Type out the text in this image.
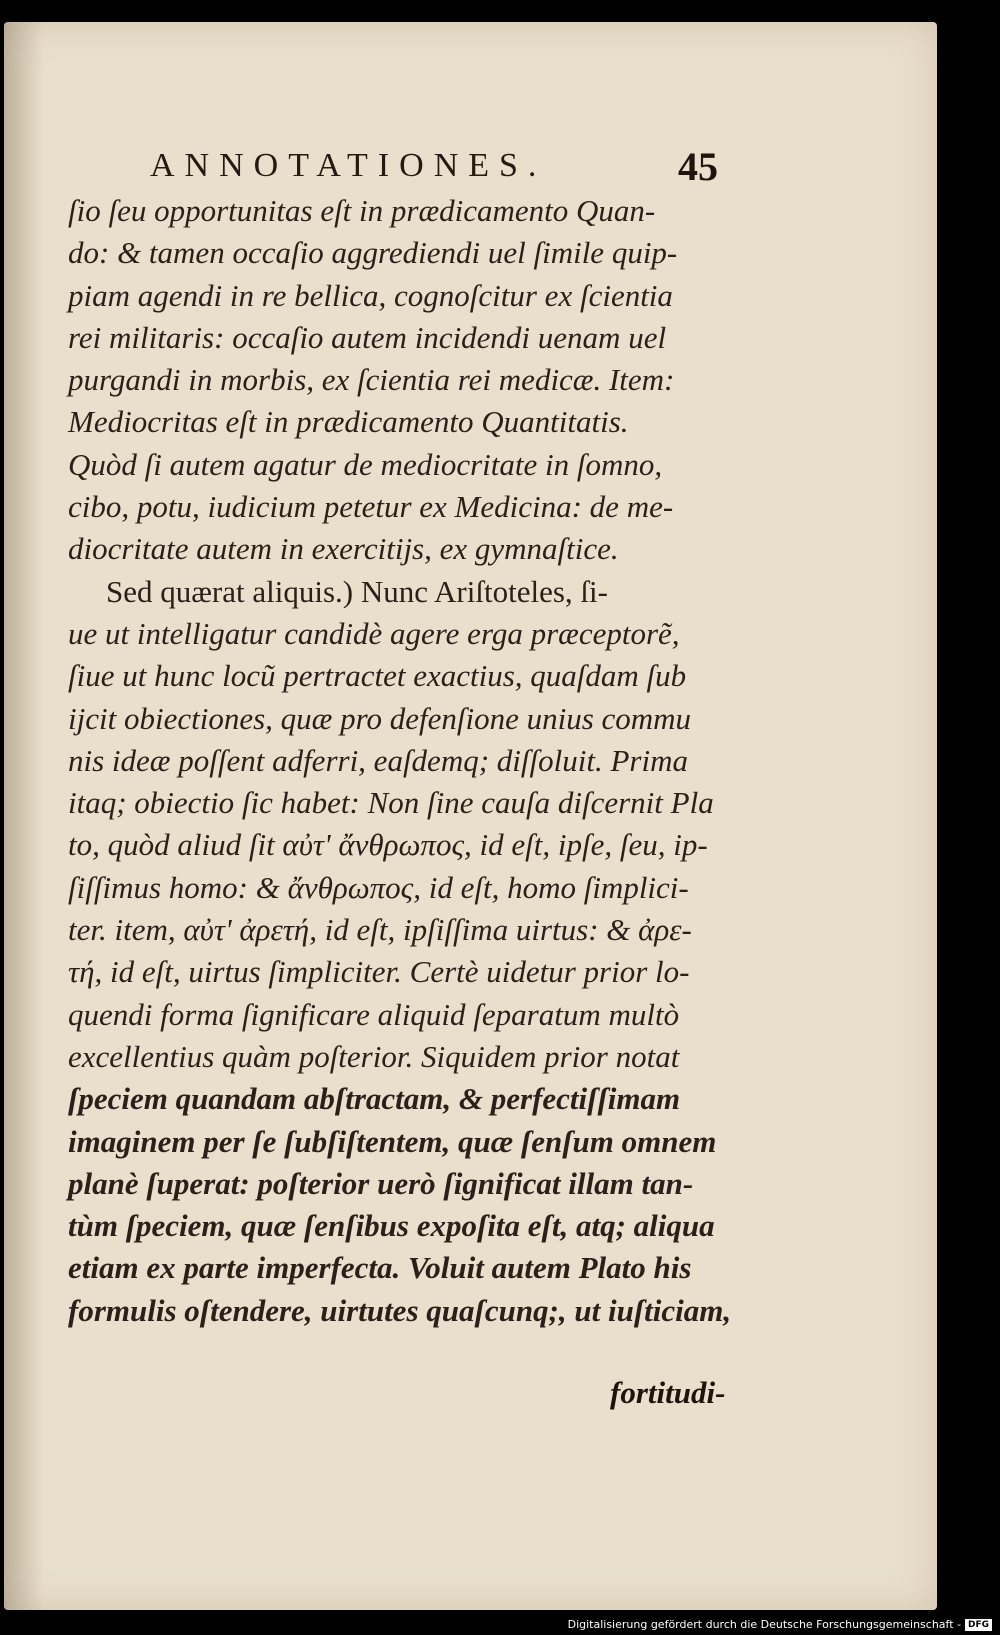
ANNOTATIONES.	45
ſio ſeu opportunitas eſt in prædicamento Quan-
do: & tamen occaſio aggrediendi uel ſimile quip-
piam agendi in re bellica, cognoſcitur ex ſcientia
rei militaris: occaſio autem incidendi uenam uel
purgandi in morbis, ex ſcientia rei medicæ. Item:
Mediocritas eſt in prædicamento Quantitatis.
Quòd ſi autem agatur de mediocritate in ſomno,
cibo, potu, iudicium petetur ex Medicina: de me-
diocritate autem in exercitijs, ex gymnaſtice.
Sed quærat aliquis.) Nunc Ariſtoteles, ſi-
ue ut intelligatur candidè agere erga præceptorẽ,
ſiue ut hunc locũ pertractet exactius, quaſdam ſub
ijcit obiectiones, quæ pro defenſione unius commu
nis ideæ poſſent adferri, eaſdemq; diſſoluit. Prima
itaq; obiectio ſic habet: Non ſine cauſa diſcernit Pla
to, quòd aliud ſit αὐτ' ἄνθρωπος, id eſt, ipſe, ſeu, ip-
ſiſſimus homo: & ἄνθρωπος, id eſt, homo ſimplici-
ter. item, αὐτ' ἀρετή, id eſt, ipſiſſima uirtus: & ἀρε-
τή, id eſt, uirtus ſimpliciter. Certè uidetur prior lo-
quendi forma ſignificare aliquid ſeparatum multò
excellentius quàm poſterior. Siquidem prior notat
ſpeciem quandam abſtractam, & perfectiſſimam
imaginem per ſe ſubſiſtentem, quæ ſenſum omnem
planè ſuperat: poſterior uerò ſignificat illam tan-
tùm ſpeciem, quæ ſenſibus expoſita eſt, atq; aliqua
etiam ex parte imperfecta. Voluit autem Plato his
formulis oſtendere, uirtutes quaſcunq;, ut iuſticiam,
fortitudi-
Digitalisierung gefördert durch die Deutsche Forschungsgemeinschaft - DFG
